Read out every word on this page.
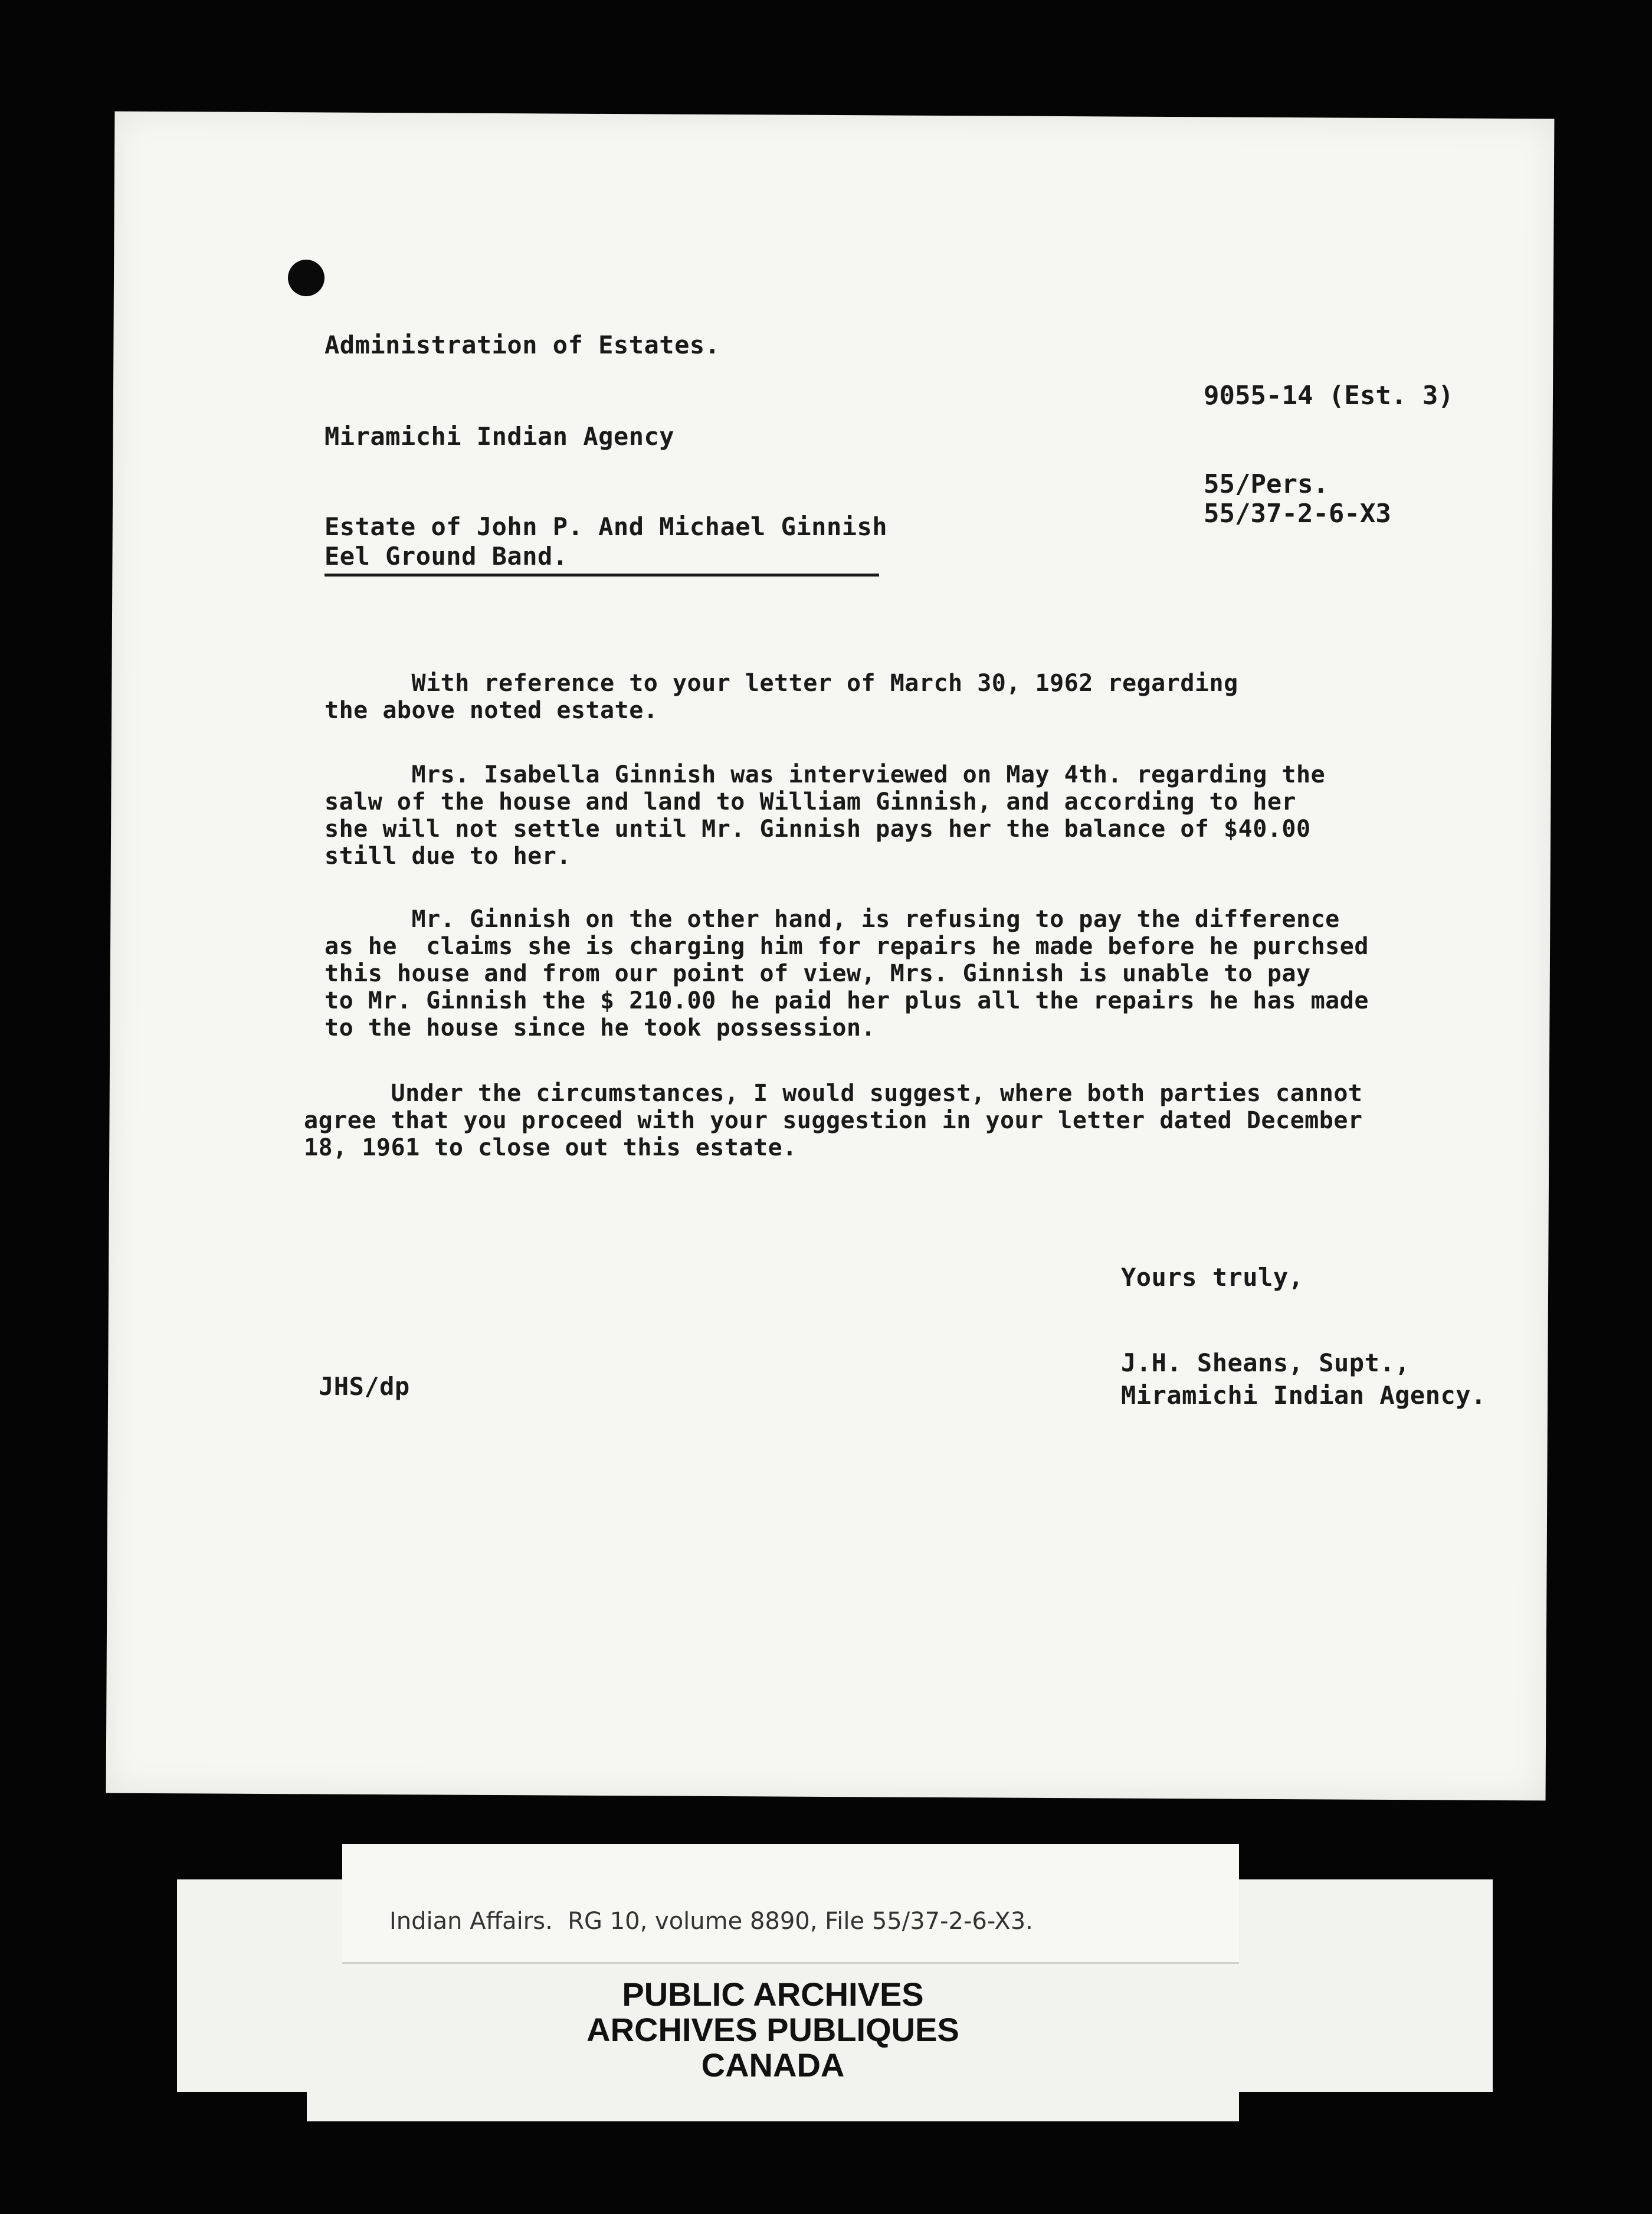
Administration of Estates.
Miramichi Indian Agency
Estate of John P. And Michael Ginnish
Eel Ground Band.
9055-14 (Est. 3)
55/Pers.
55/37-2-6-X3
With reference to your letter of March 30, 1962 regarding
the above noted estate.
Mrs. Isabella Ginnish was interviewed on May 4th. regarding the
salw of the house and land to William Ginnish, and according to her
she will not settle until Mr. Ginnish pays her the balance of $40.00
still due to her.
Mr. Ginnish on the other hand, is refusing to pay the difference
as he  claims she is charging him for repairs he made before he purchsed
this house and from our point of view, Mrs. Ginnish is unable to pay
to Mr. Ginnish the $ 210.00 he paid her plus all the repairs he has made
to the house since he took possession.
Under the circumstances, I would suggest, where both parties cannot
agree that you proceed with your suggestion in your letter dated December
18, 1961 to close out this estate.
Yours truly,
JHS/dp
J.H. Sheans, Supt.,
Miramichi Indian Agency.
Indian Affairs.  RG 10, volume 8890, File 55/37-2-6-X3.
PUBLIC ARCHIVES
ARCHIVES PUBLIQUES
CANADA
